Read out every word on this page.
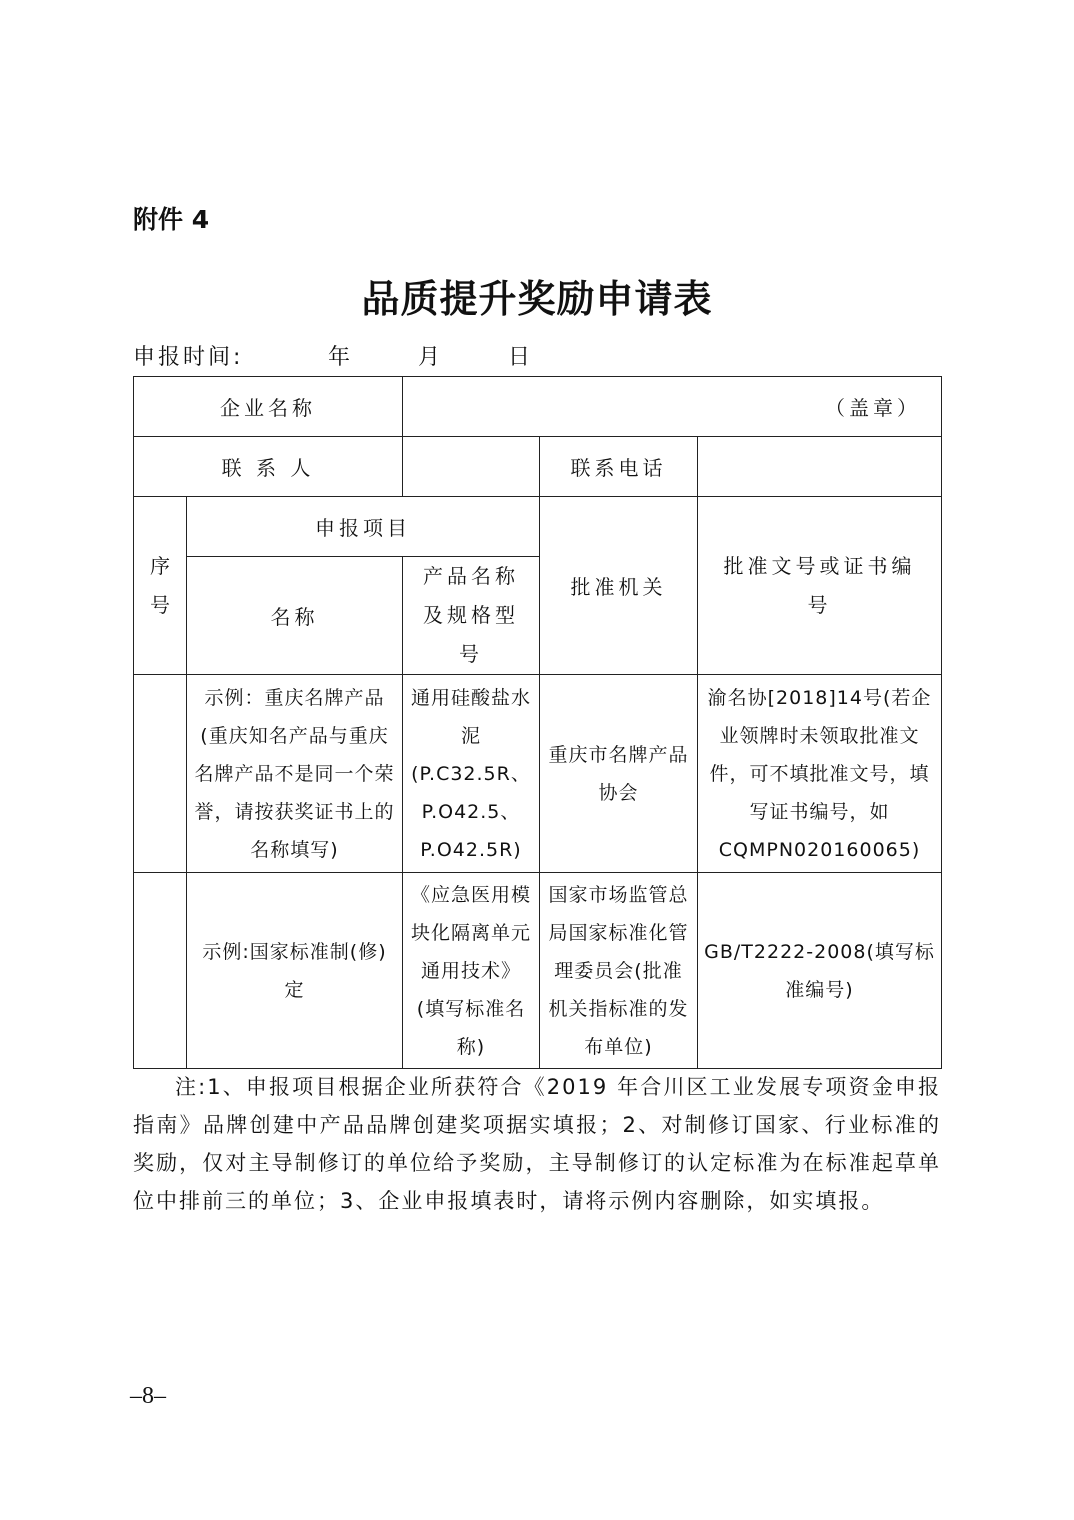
附件 4
品质提升奖励申请表
申报时间:	年	月	日
企业名称		（盖章）		
联 系 人			联系电话	
序号	申报项目		批准机关	批准文号或证书编号
	名称	产品名称及规格型号		
	示例：重庆名牌产品(重庆知名产品与重庆名牌产品不是同一个荣誉，请按获奖证书上的名称填写)	通用硅酸盐水泥(P.C32.5R、P.O42.5、P.O42.5R)	重庆市名牌产品协会	渝名协[2018]14号(若企业领牌时未领取批准文件，可不填批准文号，填写证书编号，如CQMPN020160065)
	示例:国家标准制(修)定	《应急医用模块化隔离单元通用技术》(填写标准名称)	国家市场监管总局国家标准化管理委员会(批准机关指标准的发布单位)	GB/T2222-2008(填写标准编号)
注:1、申报项目根据企业所获符合《2019 年合川区工业发展专项资金申报指南》品牌创建中产品品牌创建奖项据实填报；2、对制修订国家、行业标准的奖励，仅对主导制修订的单位给予奖励，主导制修订的认定标准为在标准起草单位中排前三的单位；3、企业申报填表时，请将示例内容删除，如实填报。
–8–
